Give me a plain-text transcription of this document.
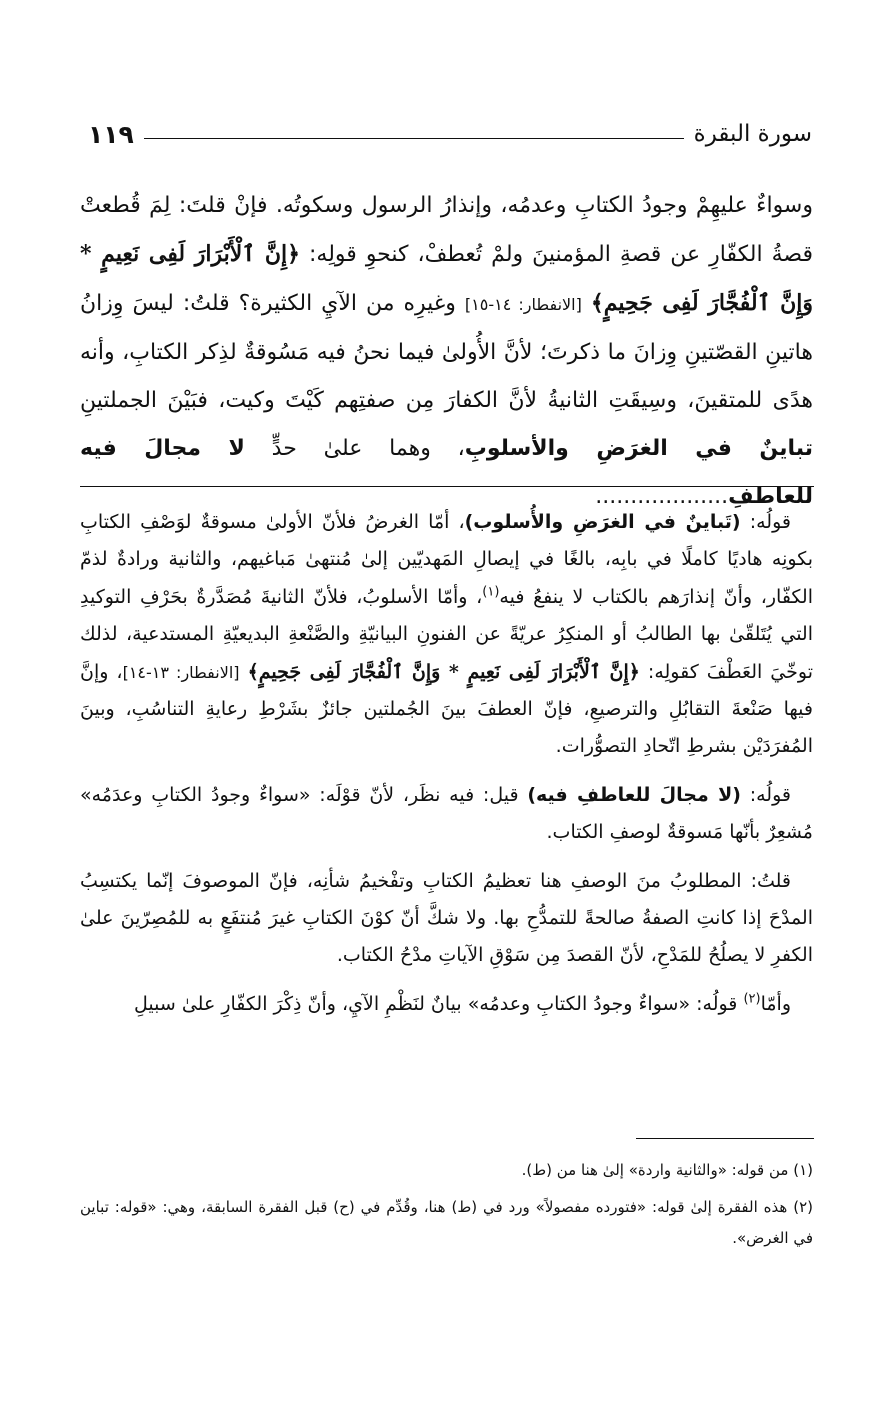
سورة البقرة
١١٩

وسواءٌ عليهِمْ وجودُ الكتابِ وعدمُه، وإنذارُ الرسول وسكوتُه. فإنْ قلتَ: لِمَ قُطعتْ قصةُ الكفّارِ عن قصةِ المؤمنينَ ولمْ تُعطفْ، كنحوِ قولِه: ﴿إِنَّ ٱلْأَبْرَارَ لَفِى نَعِيمٍ * وَإِنَّ ٱلْفُجَّارَ لَفِى جَحِيمٍ﴾ [الانفطار: ١٤-١٥] وغيرِه من الآيِ الكثيرة؟ قلتُ: ليسَ وِزانُ هاتينِ القصّتينِ وِزانَ ما ذكرتَ؛ لأنَّ الأُولىٰ فيما نحنُ فيه مَسُوقةٌ لذِكر الكتابِ، وأنه هدًى للمتقينَ، وسِيقَتِ الثانيةُ لأنَّ الكفارَ مِن صفتِهم كَيْتَ وكيت، فبَيْنَ الجملتينِ تباينٌ في الغرَضِ والأسلوبِ، وهما علىٰ حدٍّ لا مجالَ فيه للعاطفِ...................

قولُه: (تَباينٌ في الغرَضِ والأُسلوب)، أمّا الغرضُ فلأنّ الأولىٰ مسوقةٌ لوَصْفِ الكتابِ بكونِه هاديًا كاملًا في بابِه، بالغًا في إيصالِ المَهديّين إلىٰ مُنتهىٰ مَباغيهم، والثانية ورادةٌ لذمّ الكفّار، وأنّ إنذارَهم بالكتاب لا ينفعُ فيه$^{(١)}$، وأمّا الأسلوبُ، فلأنّ الثانيةَ مُصَدَّرةٌ بحَرْفِ التوكيدِ التي يُتَلقّىٰ بها الطالبُ أو المنكِرُ عريّةً عن الفنونِ البيانيّةِ والصَّنْعةِ البديعيّةِ المستدعية، لذلك توخّيَ العَطْفَ كقولِه: ﴿إِنَّ ٱلْأَبْرَارَ لَفِى نَعِيمٍ * وَإِنَّ ٱلْفُجَّارَ لَفِى جَحِيمٍ﴾ [الانفطار: ١٣-١٤]، وإنَّ فيها صَنْعةَ التقابُلِ والترصيعِ، فإنّ العطفَ بينَ الجُملتين جائزٌ بشَرْطِ رعايةِ التناسُبِ، وبينَ المُفرَدَيْن بشرطِ اتّحادِ التصوُّرات.

قولُه: (لا مجالَ للعاطفِ فيه) قيل: فيه نظَر، لأنّ قوْلَه: «سواءٌ وجودُ الكتابِ وعدَمُه» مُشعِرٌ بأنّها مَسوقةٌ لوصفِ الكتاب.

قلتُ: المطلوبُ منَ الوصفِ هنا تعظيمُ الكتابِ وتفْخيمُ شأنِه، فإنّ الموصوفَ إنّما يكتسِبُ المدْحَ إذا كانتِ الصفةُ صالحةً للتمدُّحِ بها. ولا شكَّ أنّ كوْنَ الكتابِ غيرَ مُنتفَعٍ به للمُصِرّينَ علىٰ الكفرِ لا يصلُحُ للمَدْحِ، لأنّ القصدَ مِن سَوْقِ الآياتِ مدْحُ الكتاب.

وأمّا$^{(٢)}$ قولُه: «سواءٌ وجودُ الكتابِ وعدمُه» بيانٌ لنَظْمِ الآيِ، وأنّ ذِكْرَ الكفّارِ علىٰ سبيلِ

(١) من قوله: «والثانية واردة» إلىٰ هنا من (ط).

(٢) هذه الفقرة إلىٰ قوله: «فتورده مفصولاً» ورد في (ط) هنا، وقُدِّم في (ح) قبل الفقرة السابقة، وهي: «قوله: تباين في الغرض».
